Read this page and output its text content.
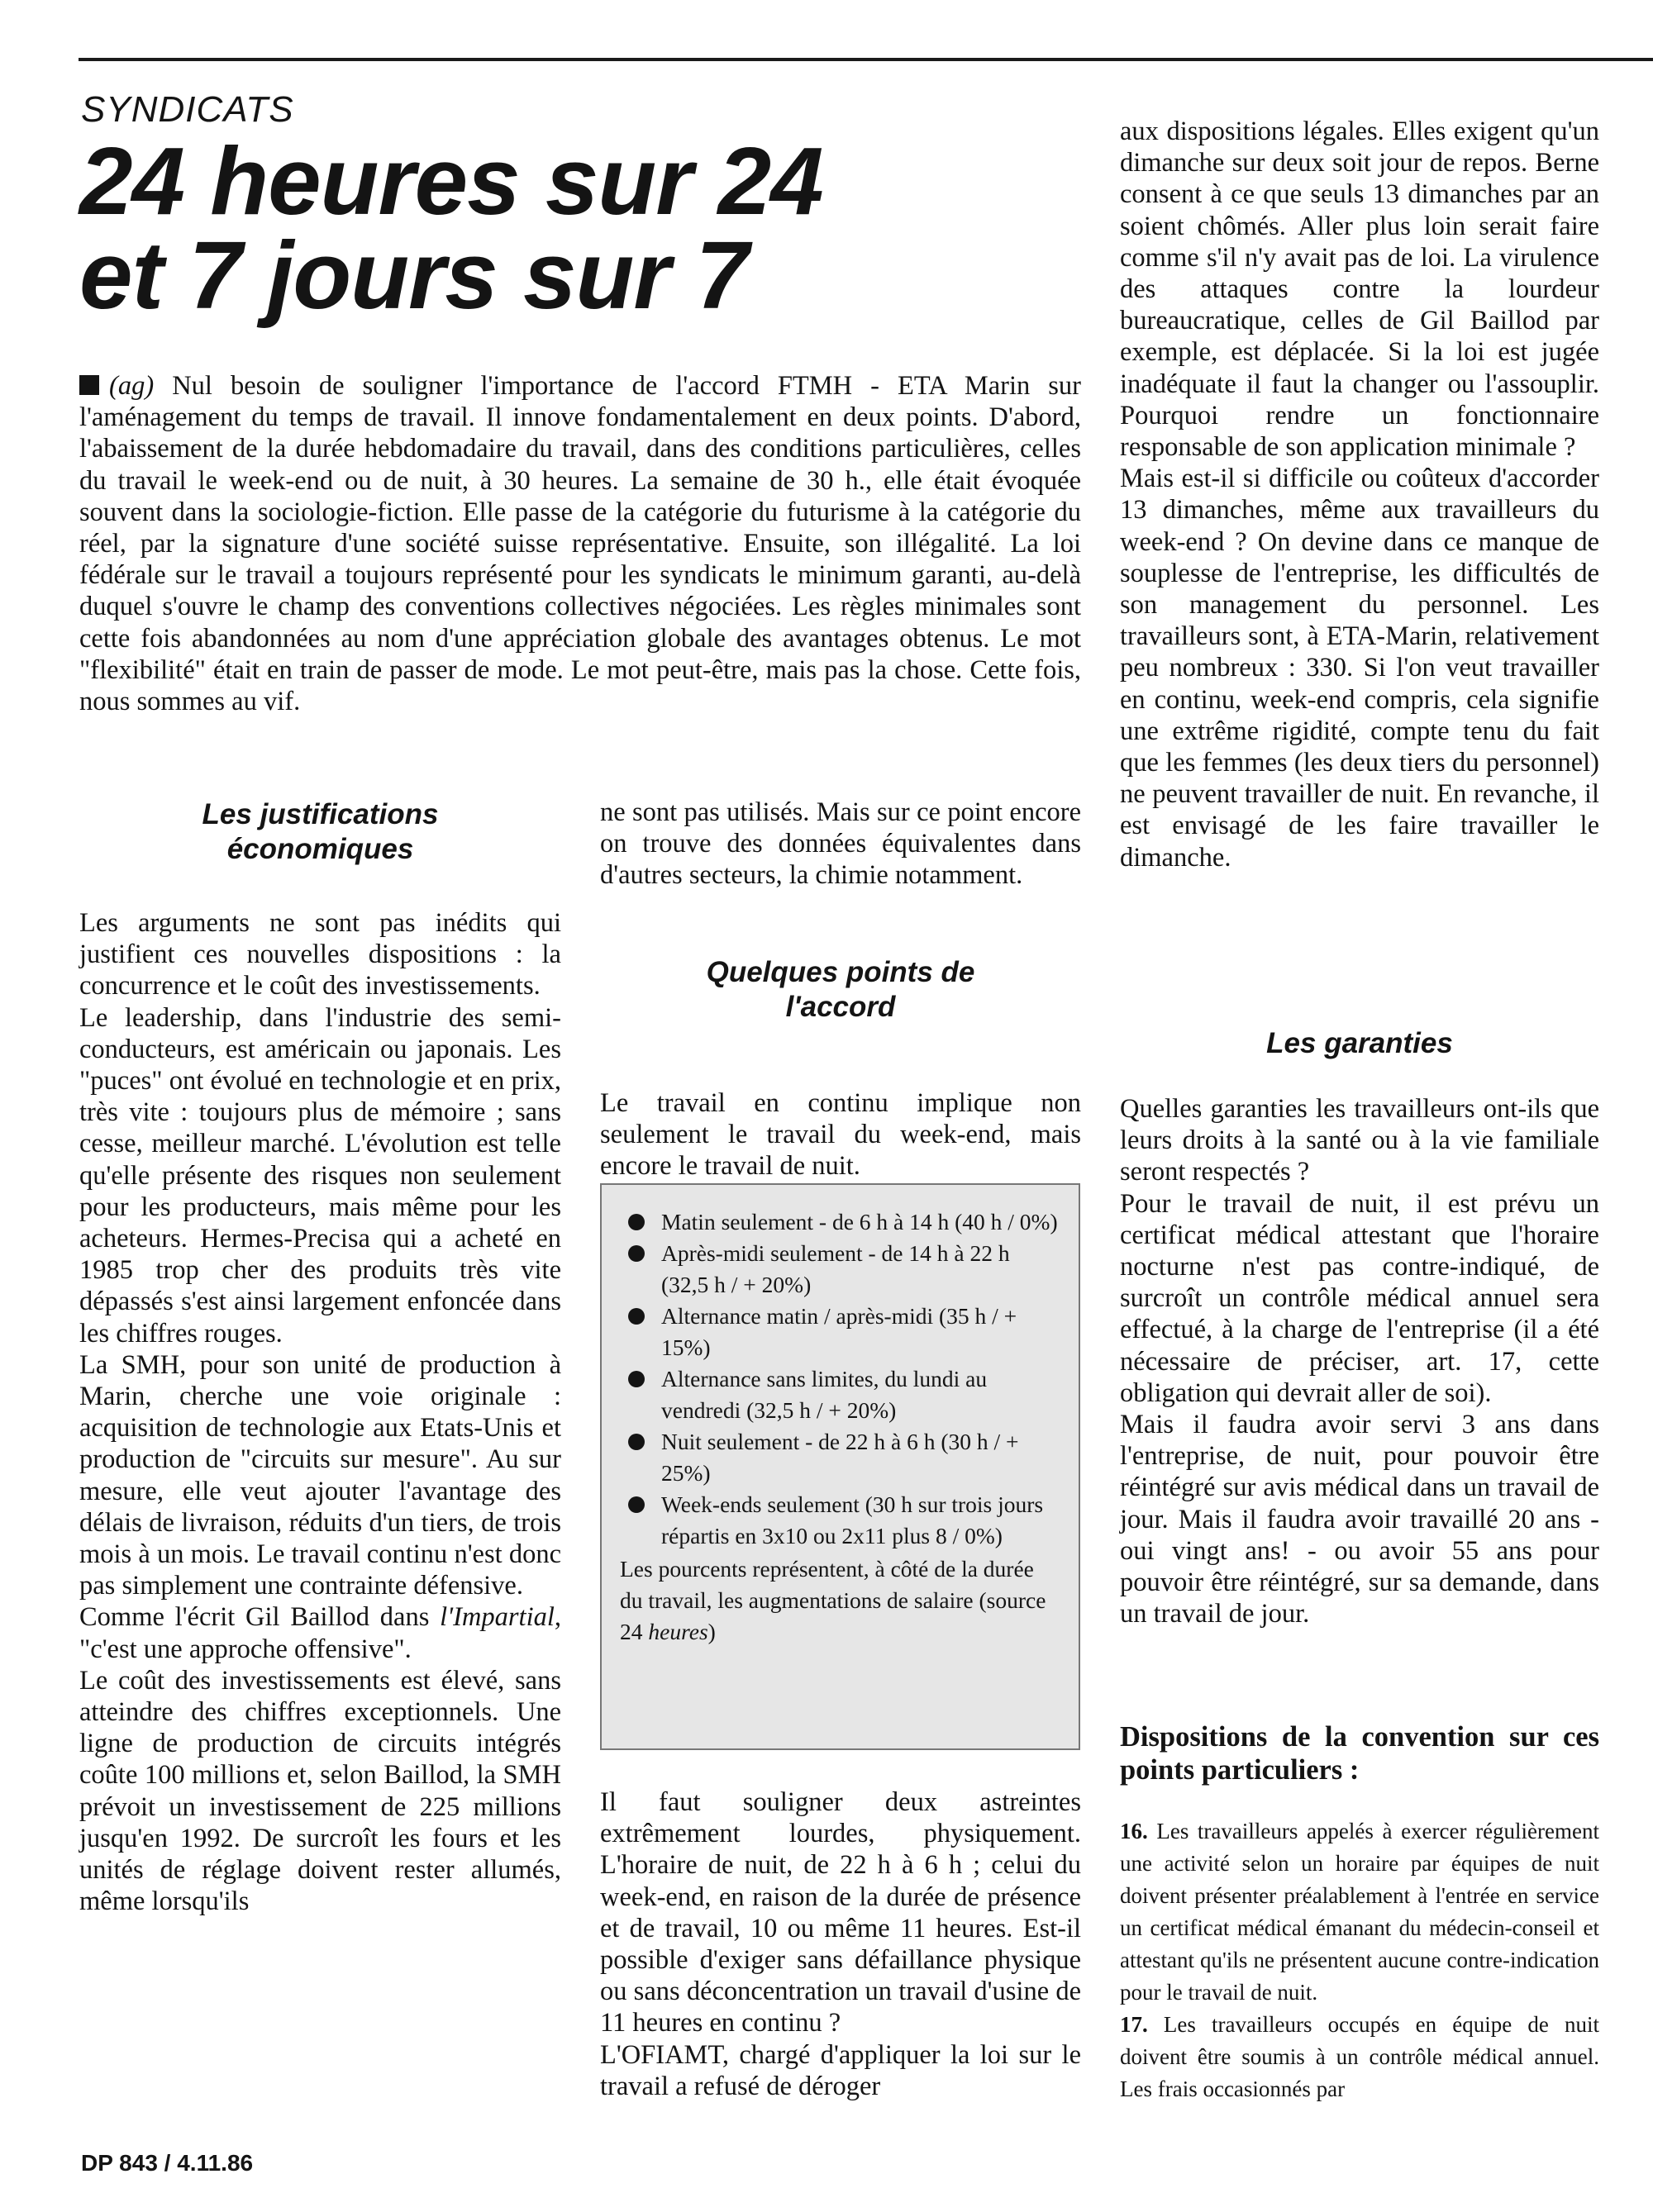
SYNDICATS
24 heures sur 24
et 7 jours sur 7

(ag) Nul besoin de souligner l'importance de l'accord FTMH - ETA Marin sur l'aménagement du temps de travail. Il innove fondamentalement en deux points. D'abord, l'abaissement de la durée hebdomadaire du travail, dans des conditions particulières, celles du travail le week-end ou de nuit, à 30 heures. La semaine de 30 h., elle était évoquée souvent dans la sociologie-fiction. Elle passe de la catégorie du futurisme à la catégorie du réel, par la signature d'une société suisse représentative. Ensuite, son illégalité. La loi fédérale sur le travail a toujours représenté pour les syndicats le minimum garanti, au-delà duquel s'ouvre le champ des conventions collectives négociées. Les règles minimales sont cette fois abandonnées au nom d'une appréciation globale des avantages obtenus. Le mot "flexibilité" était en train de passer de mode. Le mot peut-être, mais pas la chose. Cette fois, nous sommes au vif.

Les justifications
économiques

Les arguments ne sont pas inédits qui justifient ces nouvelles dispositions : la concurrence et le coût des investissements.

Le leadership, dans l'industrie des semi-conducteurs, est américain ou japonais. Les "puces" ont évolué en technologie et en prix, très vite : toujours plus de mémoire ; sans cesse, meilleur marché. L'évolution est telle qu'elle présente des risques non seulement pour les producteurs, mais même pour les acheteurs. Hermes-Precisa qui a acheté en 1985 trop cher des produits très vite dépassés s'est ainsi largement enfoncée dans les chiffres rouges.

La SMH, pour son unité de production à Marin, cherche une voie originale : acquisition de technologie aux Etats-Unis et production de "circuits sur mesure". Au sur mesure, elle veut ajouter l'avantage des délais de livraison, réduits d'un tiers, de trois mois à un mois. Le travail continu n'est donc pas simplement une contrainte défensive.

Comme l'écrit Gil Baillod dans l'Impartial, "c'est une approche offensive".

Le coût des investissements est élevé, sans atteindre des chiffres exceptionnels. Une ligne de production de circuits intégrés coûte 100 millions et, selon Baillod, la SMH prévoit un investissement de 225 millions jusqu'en 1992. De surcroît les fours et les unités de réglage doivent rester allumés, même lorsqu'ils

ne sont pas utilisés. Mais sur ce point encore on trouve des données équivalentes dans d'autres secteurs, la chimie notamment.

Quelques points de
l'accord

Le travail en continu implique non seulement le travail du week-end, mais encore le travail de nuit.

Matin seulement - de 6 h à 14 h (40 h / 0%)
Après-midi seulement - de 14 h à 22 h (32,5 h / + 20%)
Alternance matin / après-midi (35 h / + 15%)
Alternance sans limites, du lundi au vendredi (32,5 h / + 20%)
Nuit seulement - de 22 h à 6 h (30 h / + 25%)
Week-ends seulement (30 h sur trois jours répartis en 3x10 ou 2x11 plus 8 / 0%)

Les pourcents représentent, à côté de la durée du travail, les augmentations de salaire (source 24 heures)

Il faut souligner deux astreintes extrêmement lourdes, physiquement. L'horaire de nuit, de 22 h à 6 h ; celui du week-end, en raison de la durée de présence et de travail, 10 ou même 11 heures. Est-il possible d'exiger sans défaillance physique ou sans déconcentration un travail d'usine de 11 heures en continu ?

L'OFIAMT, chargé d'appliquer la loi sur le travail a refusé de déroger

aux dispositions légales. Elles exigent qu'un dimanche sur deux soit jour de repos. Berne consent à ce que seuls 13 dimanches par an soient chômés. Aller plus loin serait faire comme s'il n'y avait pas de loi. La virulence des attaques contre la lourdeur bureaucratique, celles de Gil Baillod par exemple, est déplacée. Si la loi est jugée inadéquate il faut la changer ou l'assouplir. Pourquoi rendre un fonctionnaire responsable de son application minimale ?

Mais est-il si difficile ou coûteux d'accorder 13 dimanches, même aux travailleurs du week-end ? On devine dans ce manque de souplesse de l'entreprise, les difficultés de son management du personnel. Les travailleurs sont, à ETA-Marin, relativement peu nombreux : 330. Si l'on veut travailler en continu, week-end compris, cela signifie une extrême rigidité, compte tenu du fait que les femmes (les deux tiers du personnel) ne peuvent travailler de nuit. En revanche, il est envisagé de les faire travailler le dimanche.

Les garanties

Quelles garanties les travailleurs ont-ils que leurs droits à la santé ou à la vie familiale seront respectés ?

Pour le travail de nuit, il est prévu un certificat médical attestant que l'horaire nocturne n'est pas contre-indiqué, de surcroît un contrôle médical annuel sera effectué, à la charge de l'entreprise (il a été nécessaire de préciser, art. 17, cette obligation qui devrait aller de soi).

Mais il faudra avoir servi 3 ans dans l'entreprise, de nuit, pour pouvoir être réintégré sur avis médical dans un travail de jour. Mais il faudra avoir travaillé 20 ans - oui vingt ans! - ou avoir 55 ans pour pouvoir être réintégré, sur sa demande, dans un travail de jour.

Dispositions de la convention sur ces points particuliers :

16. Les travailleurs appelés à exercer régulièrement une activité selon un horaire par équipes de nuit doivent présenter préalablement à l'entrée en service un certificat médical émanant du médecin-conseil et attestant qu'ils ne présentent aucune contre-indication pour le travail de nuit.

17. Les travailleurs occupés en équipe de nuit doivent être soumis à un contrôle médical annuel. Les frais occasionnés par

DP 843 / 4.11.86
